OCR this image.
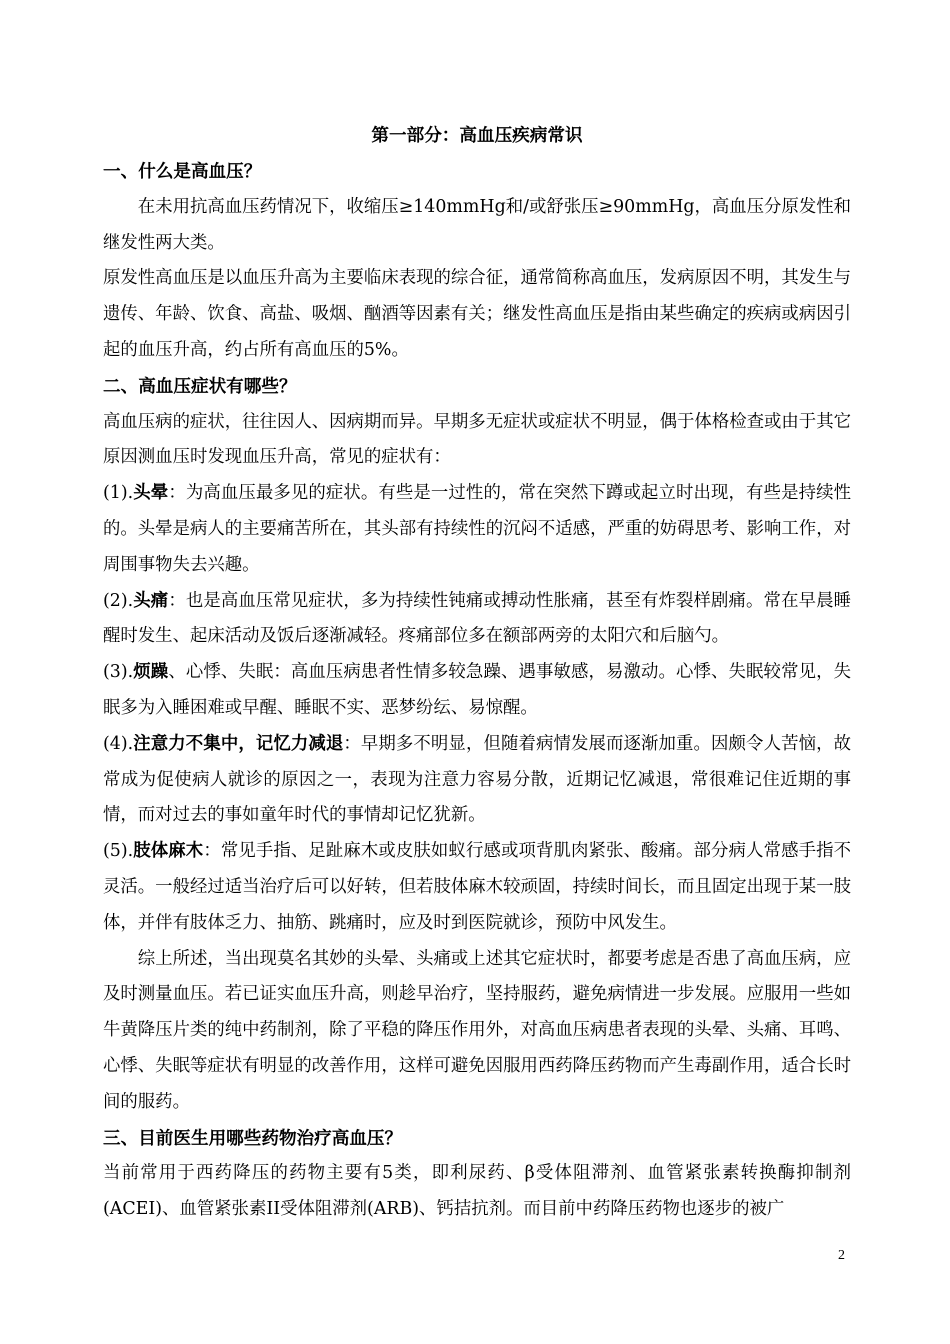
第一部分：高血压疾病常识

一、什么是高血压？

在未用抗高血压药情况下，收缩压≥140mmHg和/或舒张压≥90mmHg，高血压分原发性和继发性两大类。

原发性高血压是以血压升高为主要临床表现的综合征，通常简称高血压，发病原因不明，其发生与遗传、年龄、饮食、高盐、吸烟、酗酒等因素有关；继发性高血压是指由某些确定的疾病或病因引起的血压升高，约占所有高血压的5%。

二、高血压症状有哪些？

高血压病的症状，往往因人、因病期而异。早期多无症状或症状不明显，偶于体格检查或由于其它原因测血压时发现血压升高，常见的症状有：

(1).头晕：为高血压最多见的症状。有些是一过性的，常在突然下蹲或起立时出现，有些是持续性的。头晕是病人的主要痛苦所在，其头部有持续性的沉闷不适感，严重的妨碍思考、影响工作，对周围事物失去兴趣。

(2).头痛：也是高血压常见症状，多为持续性钝痛或搏动性胀痛，甚至有炸裂样剧痛。常在早晨睡醒时发生、起床活动及饭后逐渐减轻。疼痛部位多在额部两旁的太阳穴和后脑勺。

(3).烦躁、心悸、失眠：高血压病患者性情多较急躁、遇事敏感，易激动。心悸、失眠较常见，失眠多为入睡困难或早醒、睡眠不实、恶梦纷纭、易惊醒。

(4).注意力不集中，记忆力减退：早期多不明显，但随着病情发展而逐渐加重。因颇令人苦恼，故常成为促使病人就诊的原因之一，表现为注意力容易分散，近期记忆减退，常很难记住近期的事情，而对过去的事如童年时代的事情却记忆犹新。

(5).肢体麻木：常见手指、足趾麻木或皮肤如蚁行感或项背肌肉紧张、酸痛。部分病人常感手指不灵活。一般经过适当治疗后可以好转，但若肢体麻木较顽固，持续时间长，而且固定出现于某一肢体，并伴有肢体乏力、抽筋、跳痛时，应及时到医院就诊，预防中风发生。

综上所述，当出现莫名其妙的头晕、头痛或上述其它症状时，都要考虑是否患了高血压病，应及时测量血压。若已证实血压升高，则趁早治疗，坚持服药，避免病情进一步发展。应服用一些如牛黄降压片类的纯中药制剂，除了平稳的降压作用外，对高血压病患者表现的头晕、头痛、耳鸣、心悸、失眠等症状有明显的改善作用，这样可避免因服用西药降压药物而产生毒副作用，适合长时间的服药。

三、目前医生用哪些药物治疗高血压？

当前常用于西药降压的药物主要有5类，即利尿药、β受体阻滞剂、血管紧张素转换酶抑制剂(ACEI)、血管紧张素II受体阻滞剂(ARB)、钙拮抗剂。而目前中药降压药物也逐步的被广

2
